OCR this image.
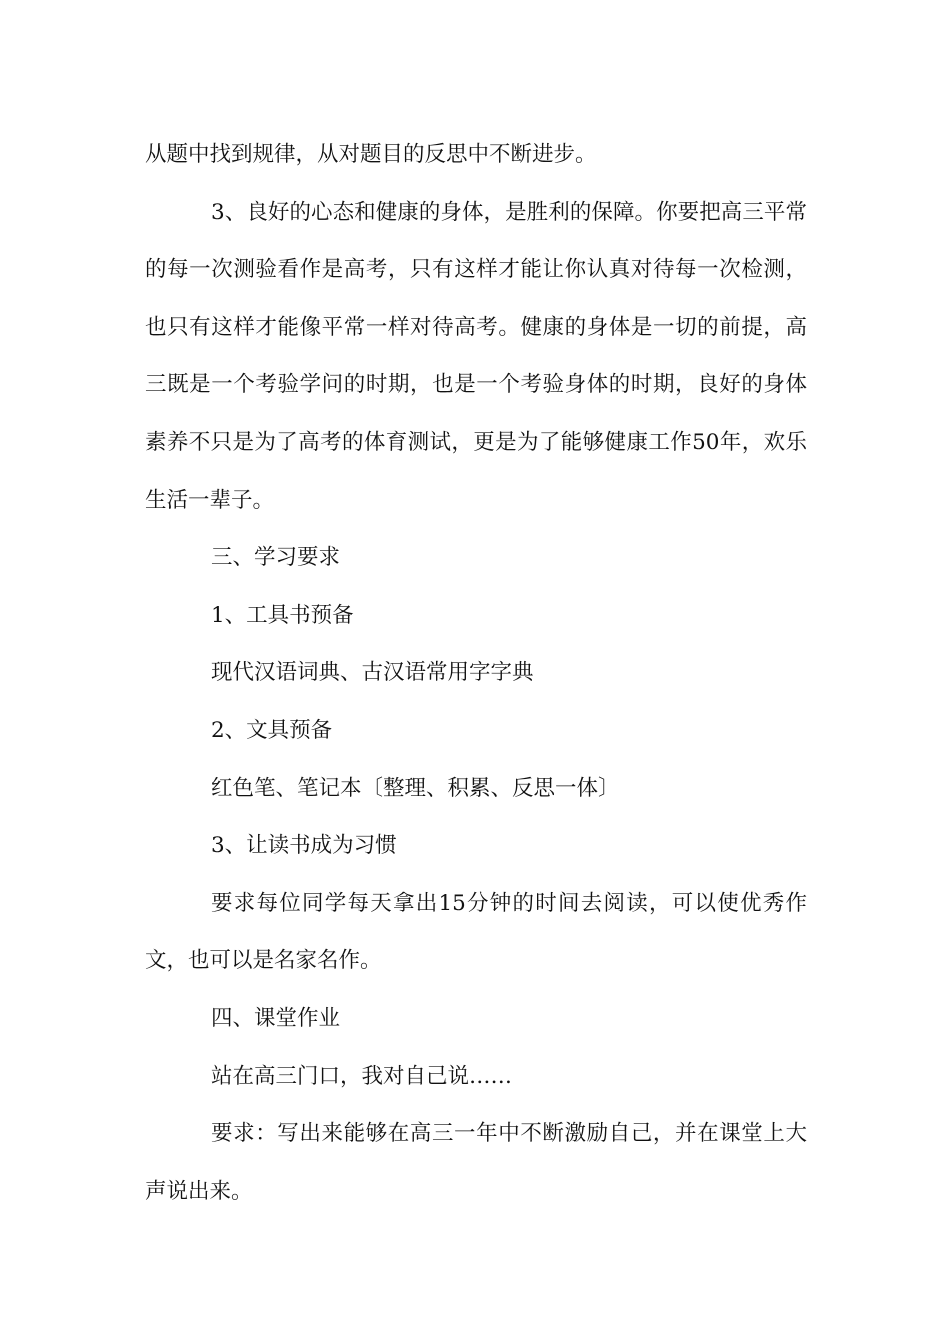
从题中找到规律，从对题目的反思中不断进步。

3、良好的心态和健康的身体，是胜利的保障。你要把高三平常的每一次测验看作是高考，只有这样才能让你认真对待每一次检测，也只有这样才能像平常一样对待高考。健康的身体是一切的前提，高三既是一个考验学问的时期，也是一个考验身体的时期，良好的身体素养不只是为了高考的体育测试，更是为了能够健康工作50年，欢乐生活一辈子。

三、学习要求

1、工具书预备

现代汉语词典、古汉语常用字字典

2、文具预备

红色笔、笔记本〔整理、积累、反思一体〕

3、让读书成为习惯

要求每位同学每天拿出15分钟的时间去阅读，可以使优秀作文，也可以是名家名作。

四、课堂作业

站在高三门口，我对自己说……

要求：写出来能够在高三一年中不断激励自己，并在课堂上大声说出来。
